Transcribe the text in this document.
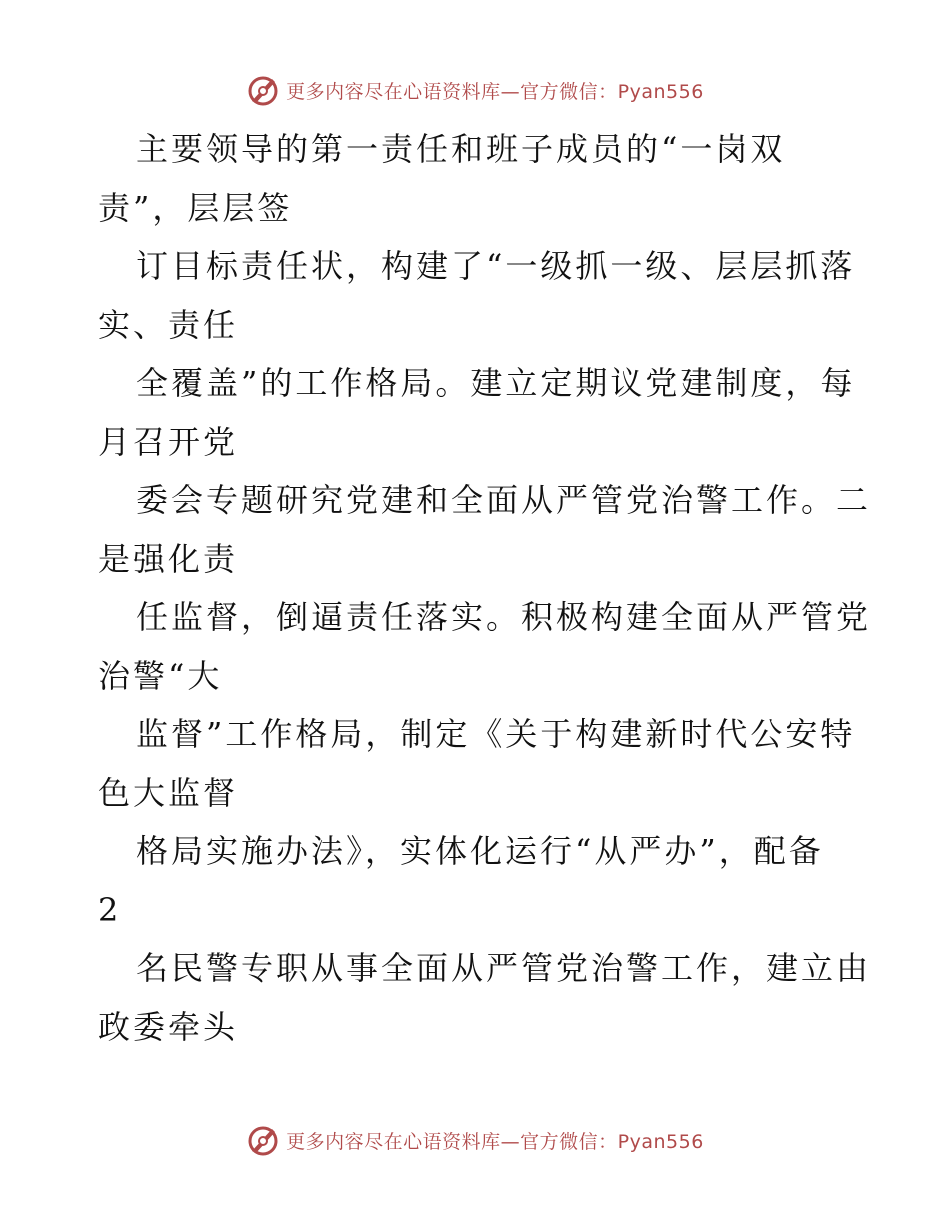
更多内容尽在心语资料库—官方微信：Pyan556
主要领导的第一责任和班子成员的“一岗双
责”，层层签
订目标责任状，构建了“一级抓一级、层层抓落
实、责任
全覆盖”的工作格局。建立定期议党建制度，每
月召开党
委会专题研究党建和全面从严管党治警工作。二
是强化责
任监督，倒逼责任落实。积极构建全面从严管党
治警“大
监督”工作格局，制定《关于构建新时代公安特
色大监督
格局实施办法》，实体化运行“从严办”，配备
2
名民警专职从事全面从严管党治警工作，建立由
政委牵头
更多内容尽在心语资料库—官方微信：Pyan556
